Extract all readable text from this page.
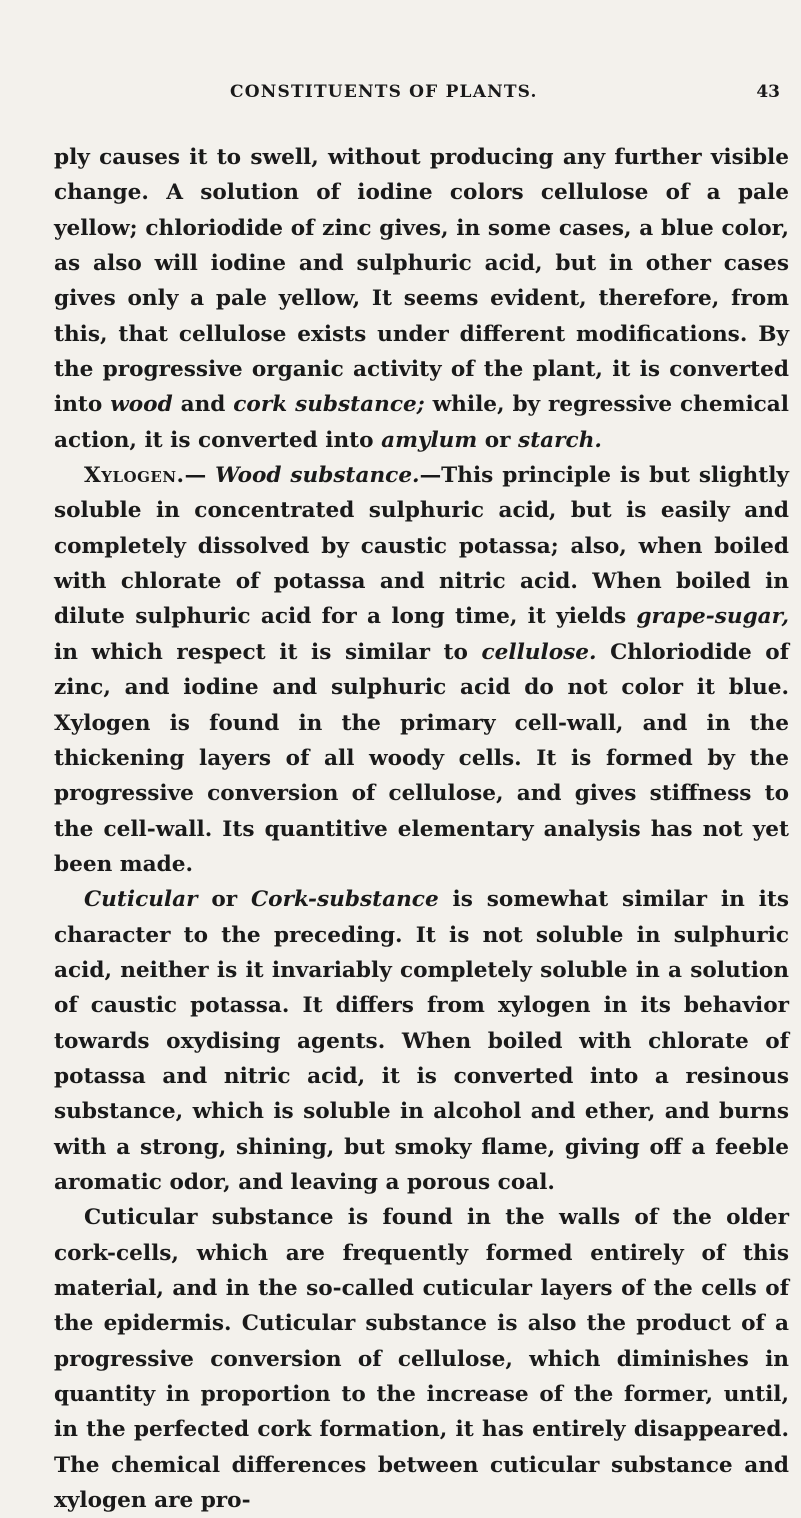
CONSTITUENTS OF PLANTS.	43

ply causes it to swell, without producing any further visible change. A solution of iodine colors cellulose of a pale yellow; chloriodide of zinc gives, in some cases, a blue color, as also will iodine and sulphuric acid, but in other cases gives only a pale yellow, It seems evident, therefore, from this, that cellulose exists under different modifications. By the progressive organic activity of the plant, it is converted into wood and cork substance; while, by regressive chemical action, it is converted into amylum or starch.

Xylogen.— Wood substance.—This principle is but slightly soluble in concentrated sulphuric acid, but is easily and completely dissolved by caustic potassa; also, when boiled with chlorate of potassa and nitric acid. When boiled in dilute sulphuric acid for a long time, it yields grape-sugar, in which respect it is similar to cellulose. Chloriodide of zinc, and iodine and sulphuric acid do not color it blue. Xylogen is found in the primary cell-wall, and in the thickening layers of all woody cells. It is formed by the progressive conversion of cellulose, and gives stiffness to the cell-wall. Its quantitive elementary analysis has not yet been made.

Cuticular or Cork-substance is somewhat similar in its character to the preceding. It is not soluble in sulphuric acid, neither is it invariably completely soluble in a solution of caustic potassa. It differs from xylogen in its behavior towards oxydising agents. When boiled with chlorate of potassa and nitric acid, it is converted into a resinous substance, which is soluble in alcohol and ether, and burns with a strong, shining, but smoky flame, giving off a feeble aromatic odor, and leaving a porous coal.

Cuticular substance is found in the walls of the older cork-cells, which are frequently formed entirely of this material, and in the so-called cuticular layers of the cells of the epidermis. Cuticular substance is also the product of a progressive conversion of cellulose, which diminishes in quantity in proportion to the increase of the former, until, in the perfected cork formation, it has entirely disappeared. The chemical differences between cuticular substance and xylogen are pro-
